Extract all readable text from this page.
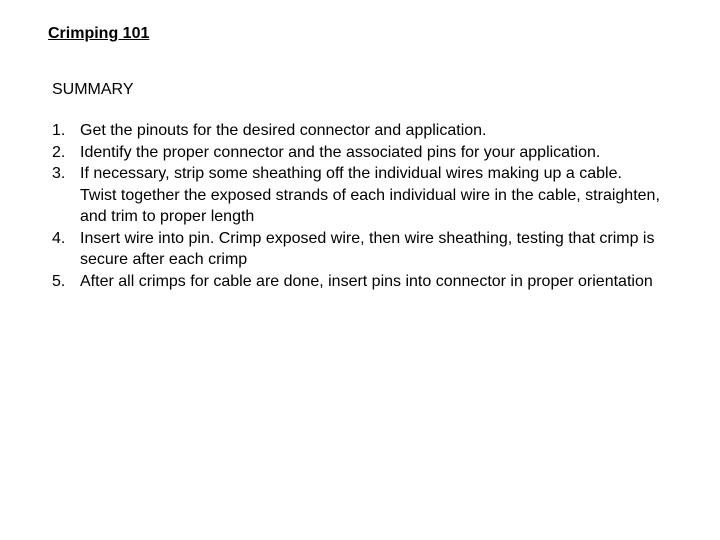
Crimping 101
SUMMARY
1. Get the pinouts for the desired connector and application.
2. Identify the proper connector and the associated pins for your application.
3. If necessary, strip some sheathing off the individual wires making up a cable. Twist together the exposed strands of each individual wire in the cable, straighten, and trim to proper length
4. Insert wire into pin. Crimp exposed wire, then wire sheathing, testing that crimp is secure after each crimp
5. After all crimps for cable are done, insert pins into connector in proper orientation
